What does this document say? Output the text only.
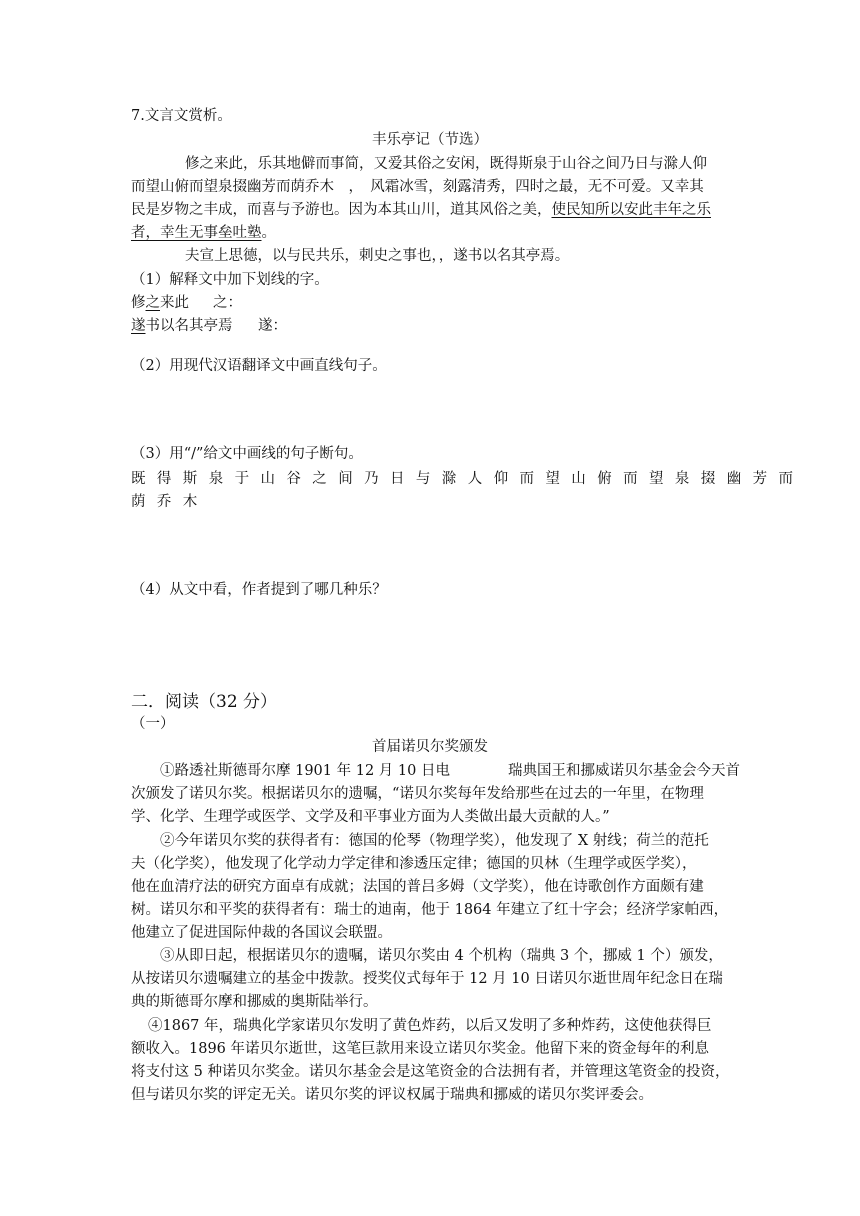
7.文言文赏析。
丰乐亭记（节选）
修之来此，乐其地僻而事简，又爱其俗之安闲，既得斯泉于山谷之间乃日与滁人仰
而望山俯而望泉掇幽芳而荫乔木　，　风霜冰雪，刻露清秀，四时之最，无不可爱。又幸其
民是岁物之丰成，而喜与予游也。因为本其山川，道其风俗之美，使民知所以安此丰年之乐
者，幸生无事垒吐塾。
夫宣上思德，以与民共乐，刺史之事也，，遂书以名其亭焉。
（1）解释文中加下划线的字。
修之来此 之：
遂书以名其亭焉 遂：
（2）用现代汉语翻译文中画直线句子。
（3）用“/”给文中画线的句子断句。
既得斯泉于山谷之间乃日与滁人仰而望山俯而望泉掇幽芳而
荫乔木
（4）从文中看，作者提到了哪几种乐？
二．阅读（32 分）
（一）
首届诺贝尔奖颁发
①路透社斯德哥尔摩 1901 年 12 月 10 日电　　　　瑞典国王和挪威诺贝尔基金会今天首
次颁发了诺贝尔奖。根据诺贝尔的遗嘱，“诺贝尔奖每年发给那些在过去的一年里，在物理
学、化学、生理学或医学、文学及和平事业方面为人类做出最大贡献的人。”
②今年诺贝尔奖的获得者有：德国的伦琴（物理学奖），他发现了 X 射线；荷兰的范托
夫（化学奖），他发现了化学动力学定律和渗透压定律；德国的贝林（生理学或医学奖），
他在血清疗法的研究方面卓有成就；法国的普吕多姆（文学奖），他在诗歌创作方面颇有建
树。诺贝尔和平奖的获得者有：瑞士的迪南，他于 1864 年建立了红十字会；经济学家帕西，
他建立了促进国际仲裁的各国议会联盟。
③从即日起，根据诺贝尔的遗嘱，诺贝尔奖由 4 个机构（瑞典 3 个，挪威 1 个）颁发，
从按诺贝尔遗嘱建立的基金中拨款。授奖仪式每年于 12 月 10 日诺贝尔逝世周年纪念日在瑞
典的斯德哥尔摩和挪威的奥斯陆举行。
④1867 年，瑞典化学家诺贝尔发明了黄色炸药，以后又发明了多种炸药，这使他获得巨
额收入。1896 年诺贝尔逝世，这笔巨款用来设立诺贝尔奖金。他留下来的资金每年的利息
将支付这 5 种诺贝尔奖金。诺贝尔基金会是这笔资金的合法拥有者，并管理这笔资金的投资，
但与诺贝尔奖的评定无关。诺贝尔奖的评议权属于瑞典和挪威的诺贝尔奖评委会。
